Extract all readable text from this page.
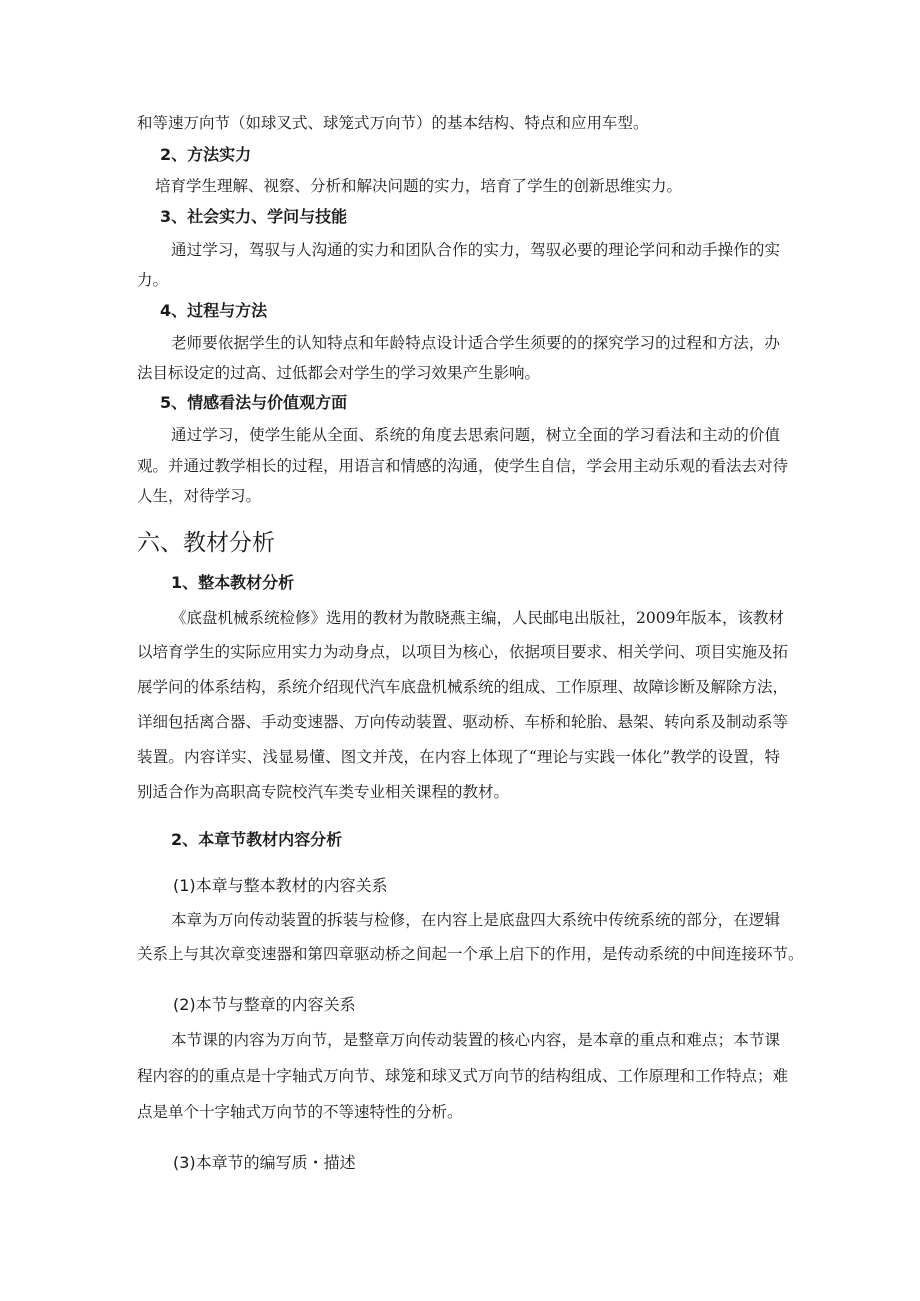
和等速万向节（如球叉式、球笼式万向节）的基本结构、特点和应用车型。
2、方法实力
培育学生理解、视察、分析和解决问题的实力，培育了学生的创新思维实力。
3、社会实力、学问与技能
通过学习，驾驭与人沟通的实力和团队合作的实力，驾驭必要的理论学问和动手操作的实
力。
4、过程与方法
老师要依据学生的认知特点和年龄特点设计适合学生须要的的探究学习的过程和方法，办
法目标设定的过高、过低都会对学生的学习效果产生影响。
5、情感看法与价值观方面
通过学习，使学生能从全面、系统的角度去思索问题，树立全面的学习看法和主动的价值
观。并通过教学相长的过程，用语言和情感的沟通，使学生自信，学会用主动乐观的看法去对待
人生，对待学习。
六、教材分析
1、整本教材分析
《底盘机械系统检修》选用的教材为散晓燕主编，人民邮电出版社，2009年版本，该教材
以培育学生的实际应用实力为动身点，以项目为核心，依据项目要求、相关学问、项目实施及拓
展学问的体系结构，系统介绍现代汽车底盘机械系统的组成、工作原理、故障诊断及解除方法，
详细包括离合器、手动变速器、万向传动装置、驱动桥、车桥和轮胎、悬架、转向系及制动系等
装置。内容详实、浅显易懂、图文并茂，在内容上体现了“理论与实践一体化”教学的设置，特
别适合作为高职高专院校汽车类专业相关课程的教材。
2、本章节教材内容分析
(1)本章与整本教材的内容关系
本章为万向传动装置的拆装与检修，在内容上是底盘四大系统中传统系统的部分，在逻辑
关系上与其次章变速器和第四章驱动桥之间起一个承上启下的作用，是传动系统的中间连接环节。
(2)本节与整章的内容关系
本节课的内容为万向节，是整章万向传动装置的核心内容，是本章的重点和难点；本节课
程内容的的重点是十字轴式万向节、球笼和球叉式万向节的结构组成、工作原理和工作特点；难
点是单个十字轴式万向节的不等速特性的分析。
(3)本章节的编写质・描述
